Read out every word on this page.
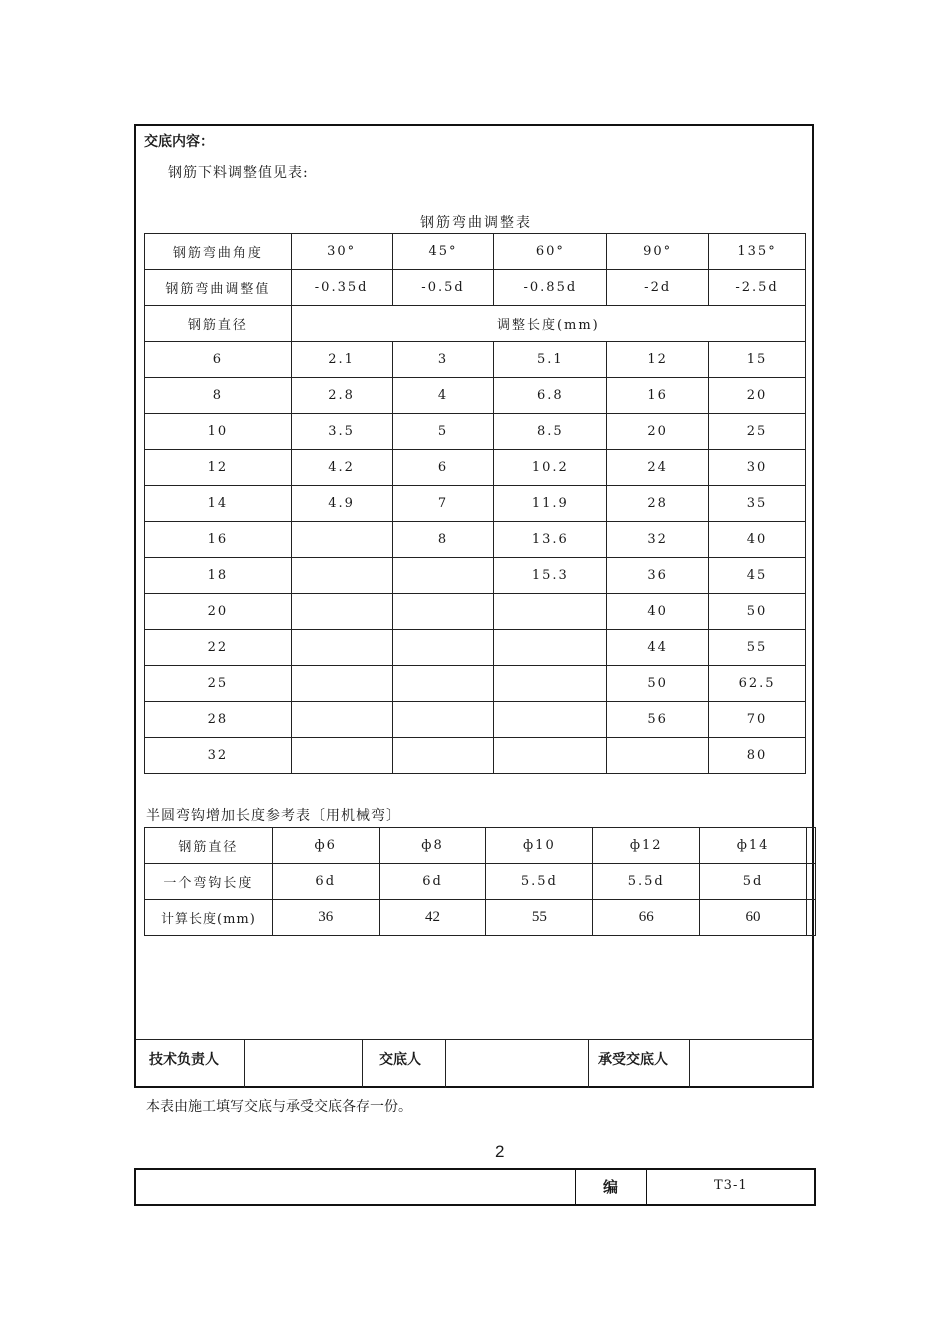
交底内容：
钢筋下料调整值见表:
钢筋弯曲调整表
钢筋弯曲角度	30°	45°	60°	90°	135°
钢筋弯曲调整值	-0.35d	-0.5d	-0.85d	-2d	-2.5d
钢筋直径	调整长度(mm)				
6	2.1	3	5.1	12	15
8	2.8	4	6.8	16	20
10	3.5	5	8.5	20	25
12	4.2	6	10.2	24	30
14	4.9	7	11.9	28	35
16		8	13.6	32	40
18			15.3	36	45
20				40	50
22				44	55
25				50	62.5
28				56	70
32					80
半圆弯钩增加长度参考表〔用机械弯〕
钢筋直径	ф6	ф8	ф10	ф12	ф14	
一个弯钩长度	6d	6d	5.5d	5.5d	5d	
计算长度(mm)	36	42	55	66	60	
技术负责人	交底人	承受交底人
本表由施工填写交底与承受交底各存一份。
2
编	T3-1
